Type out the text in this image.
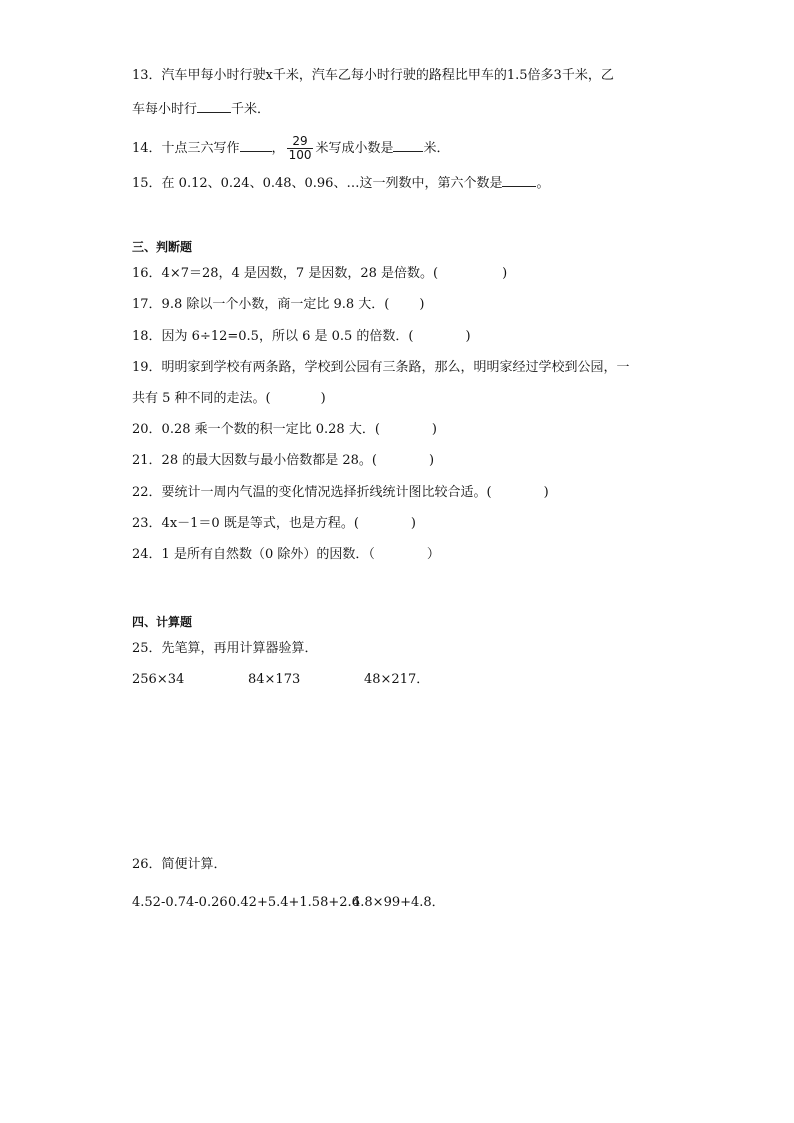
13．汽车甲每小时行驶x千米，汽车乙每小时行驶的路程比甲车的1.5倍多3千米，乙
车每小时行	千米．
14．十点三六写作 ， $\frac{29}{100}$ 米写成小数是 米．
15．在 0.12、0.24、0.48、0.96、…这一列数中，第六个数是	。
三、判断题
16．4×7＝28，4 是因数，7 是因数，28 是倍数。(	)
17．9.8 除以一个小数，商一定比 9.8 大．( )
18．因为 6÷12=0.5，所以 6 是 0.5 的倍数．(	)
19．明明家到学校有两条路，学校到公园有三条路，那么，明明家经过学校到公园，一
共有 5 种不同的走法。(	)
20．0.28 乘一个数的积一定比 0.28 大．(	)
21．28 的最大因数与最小倍数都是 28。(	)
22．要统计一周内气温的变化情况选择折线统计图比较合适。(	)
23．4x－1＝0 既是等式，也是方程。(	)
24．1 是所有自然数（0 除外）的因数．（	）
四、计算题
25．先笔算，再用计算器验算．
256×34	84×173	48×217．
26．简便计算．
4.52-0.74-0.260.42+5.4+1.58+2.64.8×99+4.8．
